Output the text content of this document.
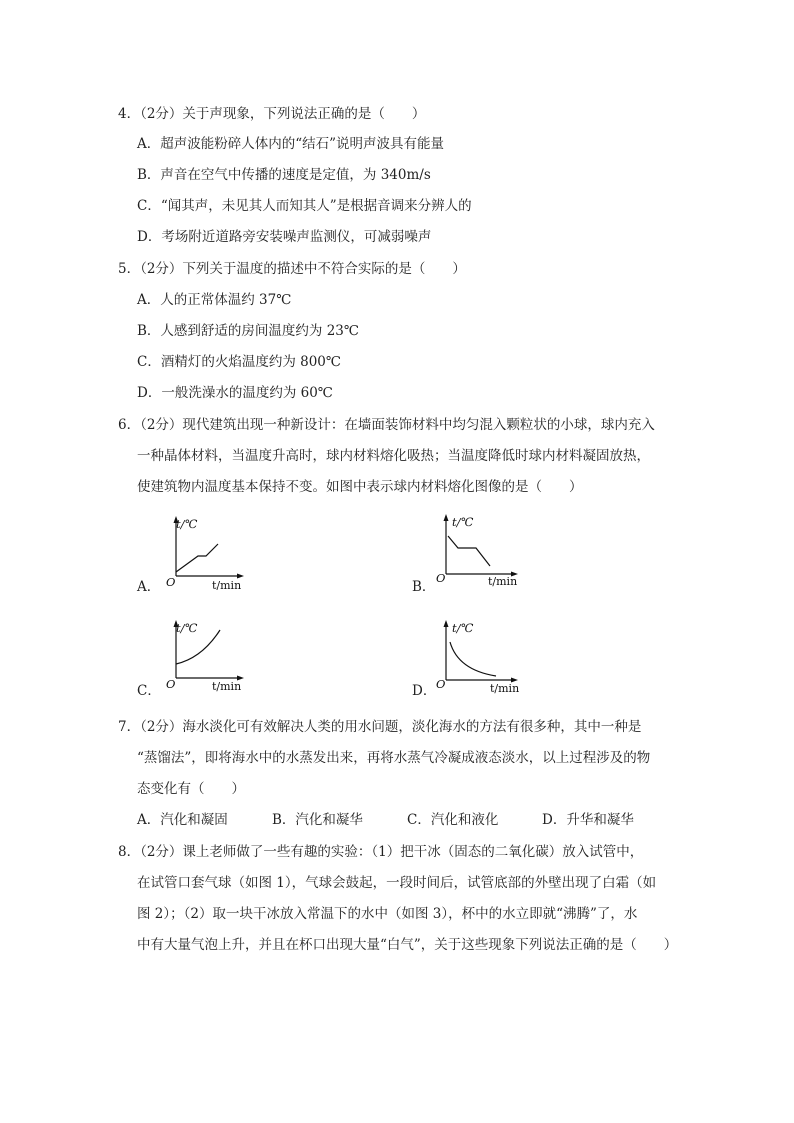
4．（2分）关于声现象，下列说法正确的是（　　）
A．超声波能粉碎人体内的“结石”说明声波具有能量
B．声音在空气中传播的速度是定值，为 340m/s
C．“闻其声，未见其人而知其人”是根据音调来分辨人的
D．考场附近道路旁安装噪声监测仪，可减弱噪声
5．（2分）下列关于温度的描述中不符合实际的是（　　）
A．人的正常体温约 37℃
B．人感到舒适的房间温度约为 23℃
C．酒精灯的火焰温度约为 800℃
D．一般洗澡水的温度约为 60℃
6．（2分）现代建筑出现一种新设计：在墙面装饰材料中均匀混入颗粒状的小球，球内充入
一种晶体材料，当温度升高时，球内材料熔化吸热；当温度降低时球内材料凝固放热，
使建筑物内温度基本保持不变。如图中表示球内材料熔化图像的是（　　）
A．
t/℃
O	t/min	B．
t/℃
O	t/min
C．
t/℃
O	t/min	D．
t/℃
O	t/min
7．（2分）海水淡化可有效解决人类的用水问题，淡化海水的方法有很多种，其中一种是
“蒸馏法”，即将海水中的水蒸发出来，再将水蒸气冷凝成液态淡水，以上过程涉及的物
态变化有（　　）
A．汽化和凝固	B．汽化和凝华	C．汽化和液化	D．升华和凝华
8．（2分）课上老师做了一些有趣的实验：（1）把干冰（固态的二氧化碳）放入试管中，
在试管口套气球（如图 1），气球会鼓起，一段时间后，试管底部的外壁出现了白霜（如
图 2）；（2）取一块干冰放入常温下的水中（如图 3），杯中的水立即就“沸腾”了，水
中有大量气泡上升，并且在杯口出现大量“白气”，关于这些现象下列说法正确的是（　　）
